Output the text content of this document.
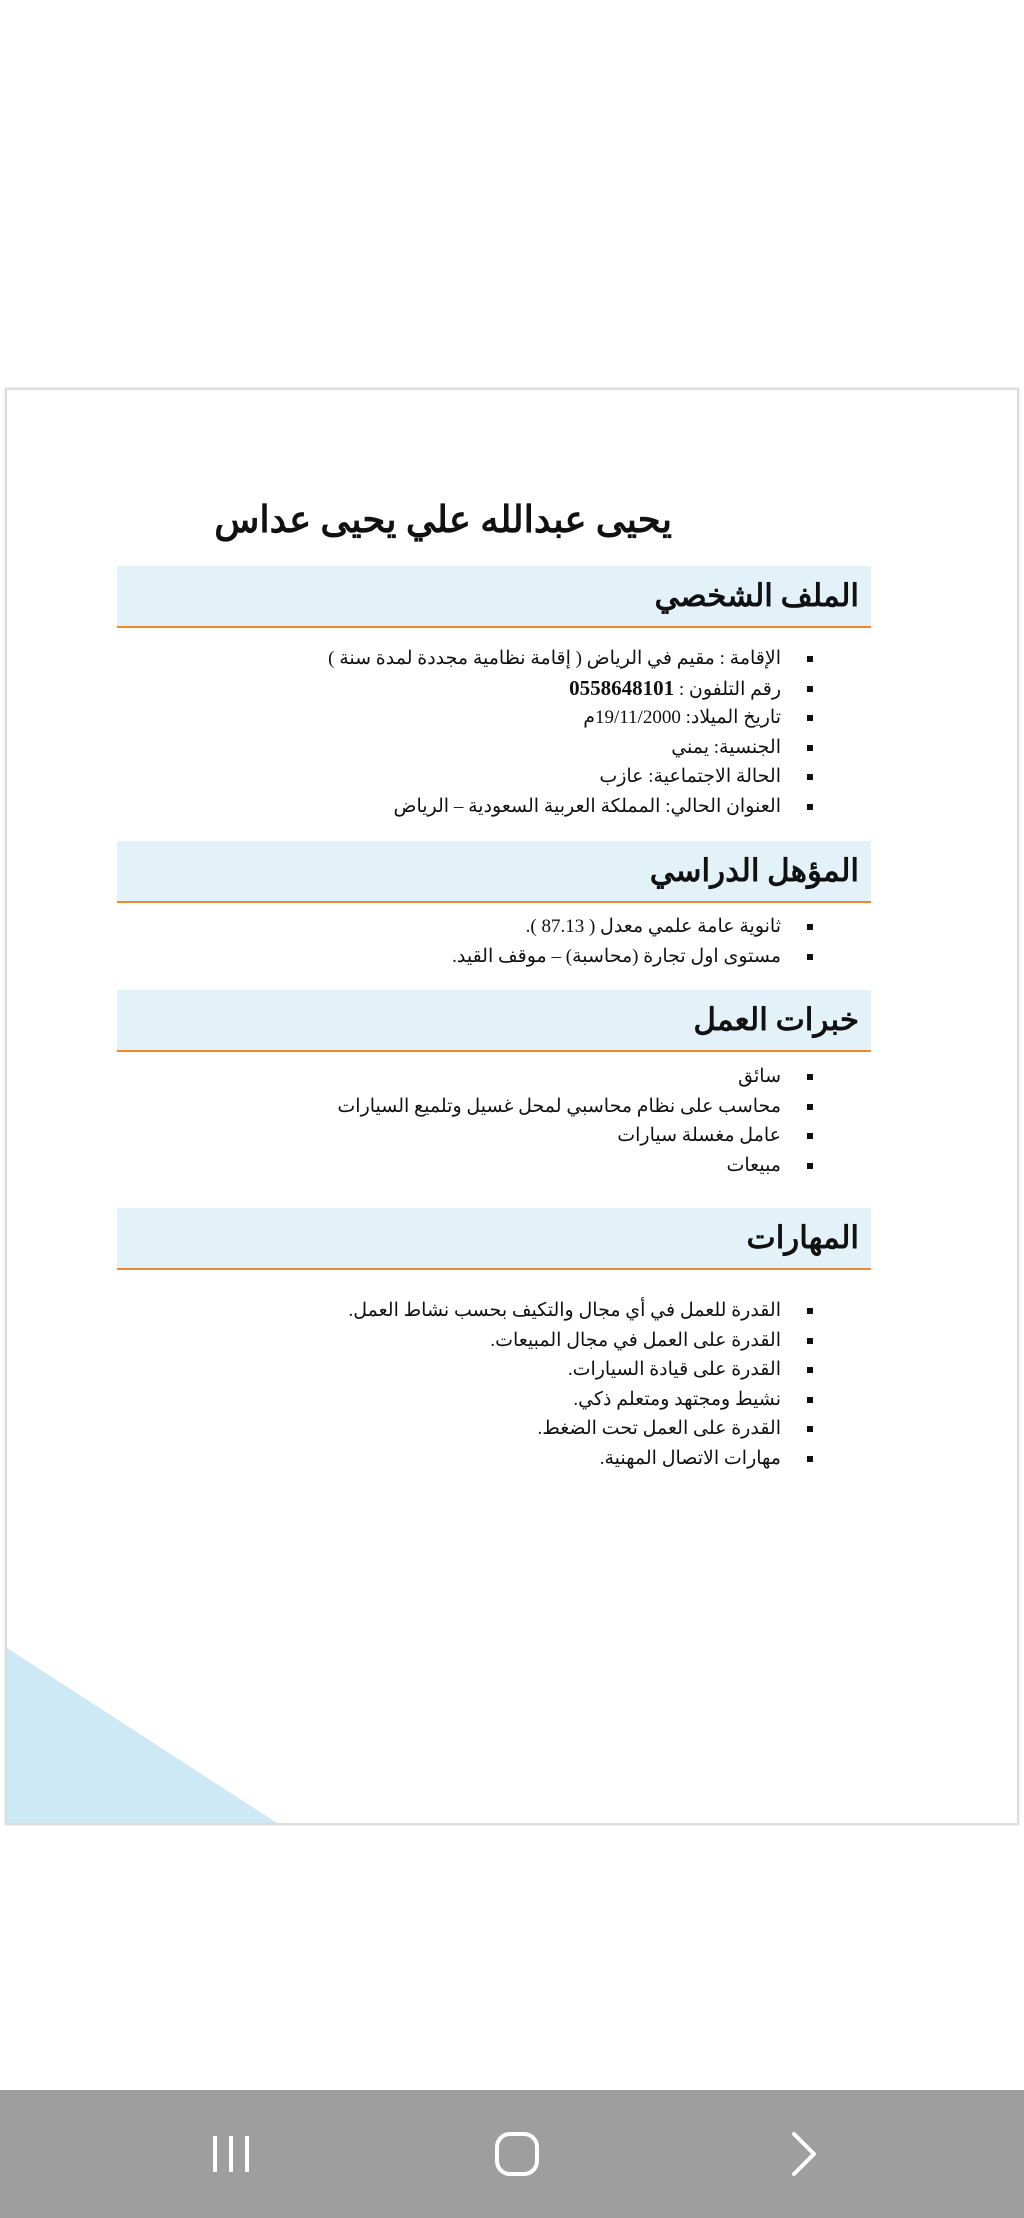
يحيى عبدالله علي يحيى عداس
الملف الشخصي
الإقامة : مقيم في الرياض ( إقامة نظامية مجددة لمدة سنة )
رقم التلفون : 0558648101
تاريخ الميلاد: 19/11/2000م
الجنسية: يمني
الحالة الاجتماعية: عازب
العنوان الحالي: المملكة العربية السعودية – الرياض
المؤهل الدراسي
ثانوية عامة علمي معدل ( 87.13 ).
مستوى اول تجارة (محاسبة) – موقف القيد.
خبرات العمل
سائق
محاسب على نظام محاسبي لمحل غسيل وتلميع السيارات
عامل مغسلة سيارات
مبيعات
المهارات
القدرة للعمل في أي مجال والتكيف بحسب نشاط العمل.
القدرة على العمل في مجال المبيعات.
القدرة على قيادة السيارات.
نشيط ومجتهد ومتعلم ذكي.
القدرة على العمل تحت الضغط.
مهارات الاتصال المهنية.
